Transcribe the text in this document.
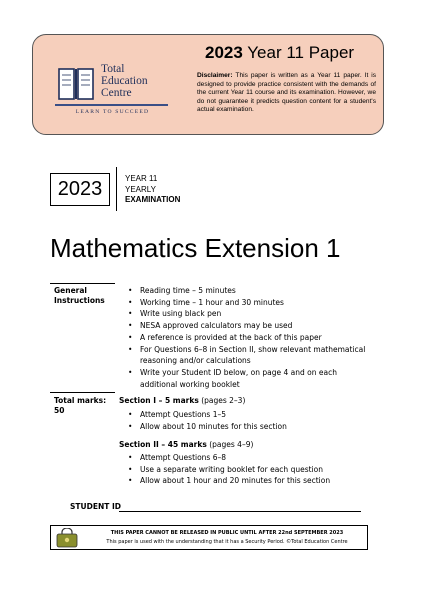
Total
Education
Centre
LEARN TO SUCCEED
2023 Year 11 Paper
Disclaimer: This paper is written as a Year 11 paper. It is designed to provide practice consistent with the demands of the current Year 11 course and its examination. However, we do not guarantee it predicts question content for a student's actual examination.
2023	YEAR 11
YEARLY
EXAMINATION
Mathematics Extension 1
General
Instructions
• Reading time – 5 minutes
• Working time – 1 hour and 30 minutes
• Write using black pen
• NESA approved calculators may be used
• A reference is provided at the back of this paper
• For Questions 6–8 in Section II, show relevant mathematical reasoning and/or calculations
• Write your Student ID below, on page 4 and on each additional working booklet
Total marks:
50
Section I – 5 marks (pages 2–3)
• Attempt Questions 1–5
• Allow about 10 minutes for this section
Section II – 45 marks (pages 4–9)
• Attempt Questions 6–8
• Use a separate writing booklet for each question
• Allow about 1 hour and 20 minutes for this section
STUDENT ID
THIS PAPER CANNOT BE RELEASED IN PUBLIC UNTIL AFTER 22nd SEPTEMBER 2023
This paper is used with the understanding that it has a Security Period. ©Total Education Centre
